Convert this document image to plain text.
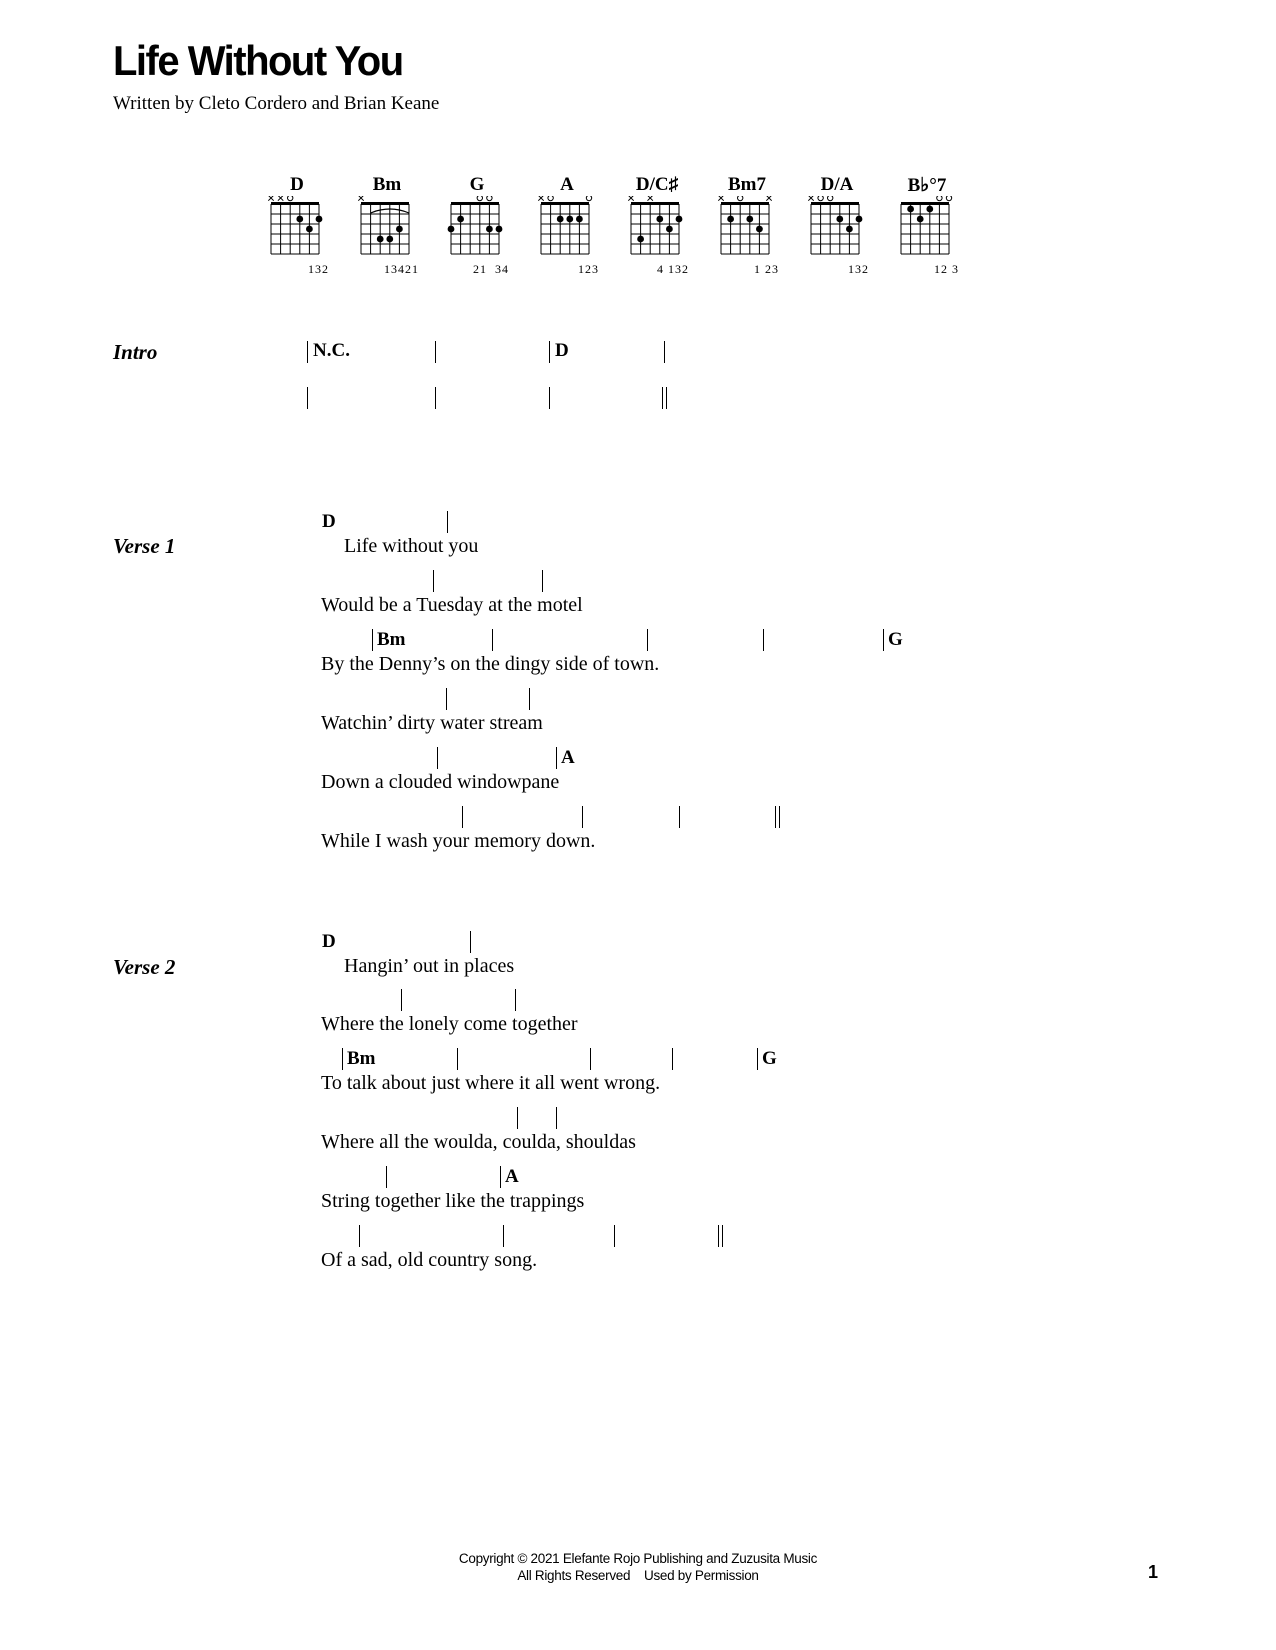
Life Without You
Written by Cleto Cordero and Brian Keane
D
132
Bm
13421
G
21  34
A
123
D/C♯
4 132
Bm7
1 23
D/A
132
B♭°7
12 3
Intro	N.C.	D
Verse 1
D
Life without you
Would be a Tuesday at the motel
Bm	G
By the Denny’s on the dingy side of town.
Watchin’ dirty water stream
A
Down a clouded windowpane
While I wash your memory down.
Verse 2
D
Hangin’ out in places
Where the lonely come together
Bm	G
To talk about just where it all went wrong.
Where all the woulda, coulda, shouldas
A
String together like the trappings
Of a sad, old country song.
Copyright © 2021 Elefante Rojo Publishing and Zuzusita Music
All Rights Reserved    Used by Permission	1
